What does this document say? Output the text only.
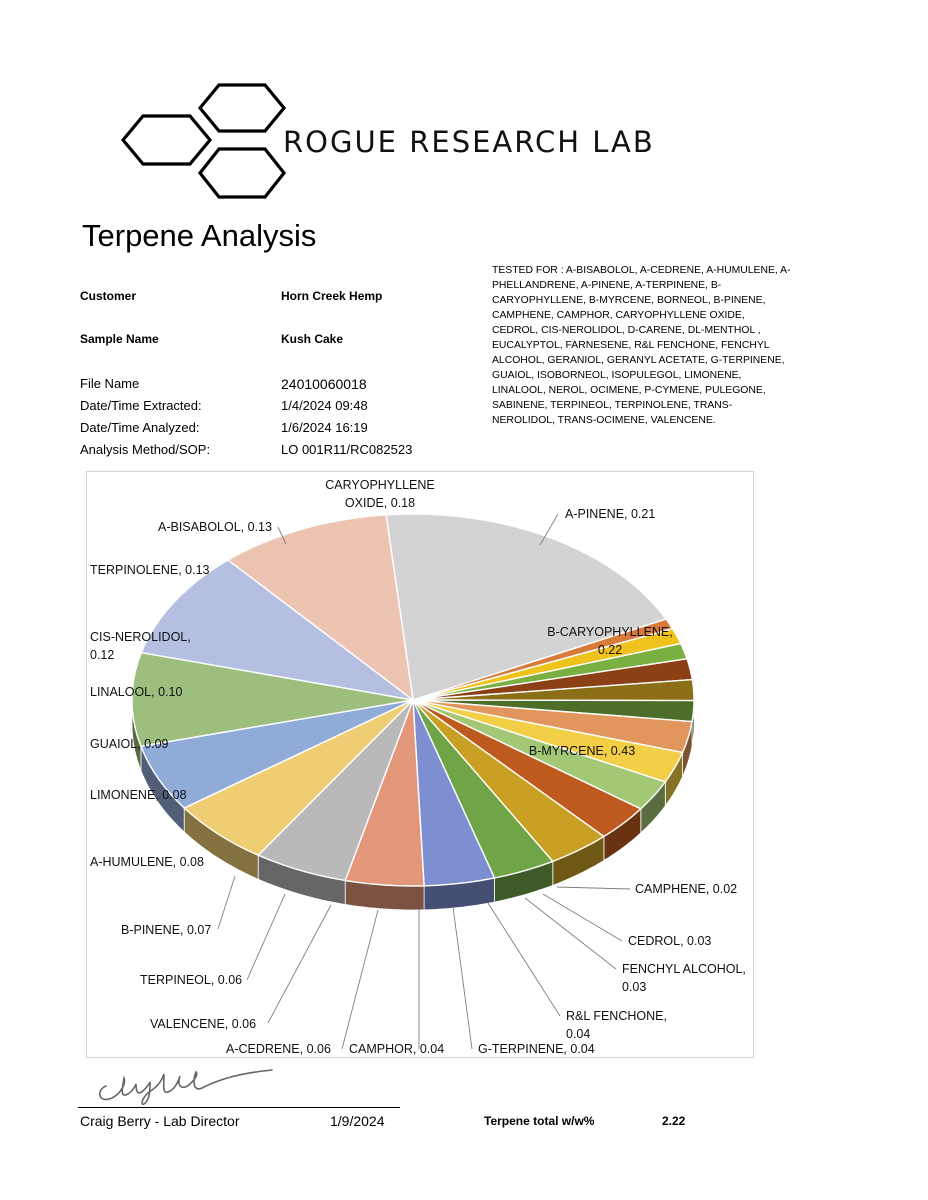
ROGUE RESEARCH LAB
Terpene Analysis
Customer	Horn Creek Hemp
Sample Name	Kush Cake
File Name	24010060018
Date/Time Extracted:	1/4/2024 09:48
Date/Time Analyzed:	1/6/2024 16:19
Analysis Method/SOP:	LO 001R11/RC082523
TESTED FOR : A-BISABOLOL, A-CEDRENE, A-HUMULENE, A-PHELLANDRENE, A-PINENE, A-TERPINENE, B-CARYOPHYLLENE, B-MYRCENE, BORNEOL, B-PINENE, CAMPHENE, CAMPHOR, CARYOPHYLLENE OXIDE, CEDROL, CIS-NEROLIDOL, D-CARENE, DL-MENTHOL , EUCALYPTOL, FARNESENE, R&L FENCHONE, FENCHYL ALCOHOL, GERANIOL, GERANYL ACETATE, G-TERPINENE, GUAIOL, ISOBORNEOL, ISOPULEGOL, LIMONENE, LINALOOL, NEROL, OCIMENE, P-CYMENE, PULEGONE, SABINENE, TERPINEOL, TERPINOLENE, TRANS-NEROLIDOL, TRANS-OCIMENE, VALENCENE.
B-MYRCENE, 0.43
CAMPHENE, 0.02
CEDROL, 0.03
FENCHYL ALCOHOL,
0.03
R&L FENCHONE,
0.04
G-TERPINENE, 0.04
CAMPHOR, 0.04
A-CEDRENE, 0.06
VALENCENE, 0.06
TERPINEOL, 0.06
B-PINENE, 0.07
A-HUMULENE, 0.08
LIMONENE, 0.08
GUAIOL, 0.09
LINALOOL, 0.10
CIS-NEROLIDOL,
0.12
TERPINOLENE, 0.13
A-BISABOLOL, 0.13
CARYOPHYLLENE
OXIDE, 0.18
A-PINENE, 0.21
B-CARYOPHYLLENE,
0.22
Craig Berry - Lab Director	1/9/2024	Terpene total w/w%	2.22
